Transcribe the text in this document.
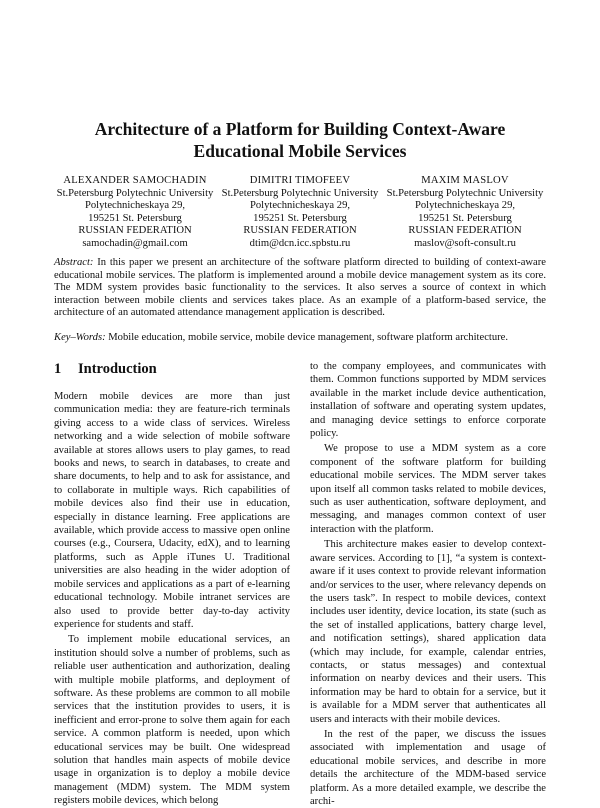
Architecture of a Platform for Building Context-Aware
Educational Mobile Services
ALEXANDER SAMOCHADIN
St.Petersburg Polytechnic University
Polytechnicheskaya 29,
195251 St. Petersburg
RUSSIAN FEDERATION
samochadin@gmail.com
DIMITRI TIMOFEEV
St.Petersburg Polytechnic University
Polytechnicheskaya 29,
195251 St. Petersburg
RUSSIAN FEDERATION
dtim@dcn.icc.spbstu.ru
MAXIM MASLOV
St.Petersburg Polytechnic University
Polytechnicheskaya 29,
195251 St. Petersburg
RUSSIAN FEDERATION
maslov@soft-consult.ru
Abstract: In this paper we present an architecture of the software platform directed to building of context-aware educational mobile services. The platform is implemented around a mobile device management system as its core. The MDM system provides basic functionality to the services. It also serves a source of context in which interaction between mobile clients and services takes place. As an example of a platform-based service, the architecture of an automated attendance management application is described.
Key–Words: Mobile education, mobile service, mobile device management, software platform architecture.
1 Introduction

Modern mobile devices are more than just communication media: they are feature-rich terminals giving access to a wide class of services. Wireless networking and a wide selection of mobile software available at stores allows users to play games, to read books and news, to search in databases, to create and share documents, to help and to ask for assistance, and to collaborate in multiple ways. Rich capabilities of mobile devices also find their use in education, especially in distance learning. Free applications are available, which provide access to massive open online courses (e.g., Coursera, Udacity, edX), and to learning platforms, such as Apple iTunes U. Traditional universities are also heading in the wider adoption of mobile services and applications as a part of e-learning educational technology. Mobile intranet services are also used to provide better day-to-day activity experience for students and staff.

To implement mobile educational services, an institution should solve a number of problems, such as reliable user authentication and authorization, dealing with multiple mobile platforms, and deployment of software. As these problems are common to all mobile services that the institution provides to users, it is inefficient and error-prone to solve them again for each service. A common platform is needed, upon which educational services may be built. One widespread solution that handles main aspects of mobile device usage in organization is to deploy a mobile device management (MDM) system. The MDM system registers mobile devices, which belong

to the company employees, and communicates with them. Common functions supported by MDM services available in the market include device authentication, installation of software and operating system updates, and managing device settings to enforce corporate policy.

We propose to use a MDM system as a core component of the software platform for building educational mobile services. The MDM server takes upon itself all common tasks related to mobile devices, such as user authentication, software deployment, and messaging, and manages common context of user interaction with the platform.

This architecture makes easier to develop context-aware services. According to [1], “a system is context-aware if it uses context to provide relevant information and/or services to the user, where relevancy depends on the users task”. In respect to mobile devices, context includes user identity, device location, its state (such as the set of installed applications, battery charge level, and notification settings), shared application data (which may include, for example, calendar entries, contacts, or status messages) and contextual information on nearby devices and their users. This information may be hard to obtain for a service, but it is available for a MDM server that authenticates all users and interacts with their mobile devices.

In the rest of the paper, we discuss the issues associated with implementation and usage of educational mobile services, and describe in more details the architecture of the MDM-based service platform. As a more detailed example, we describe the archi-
